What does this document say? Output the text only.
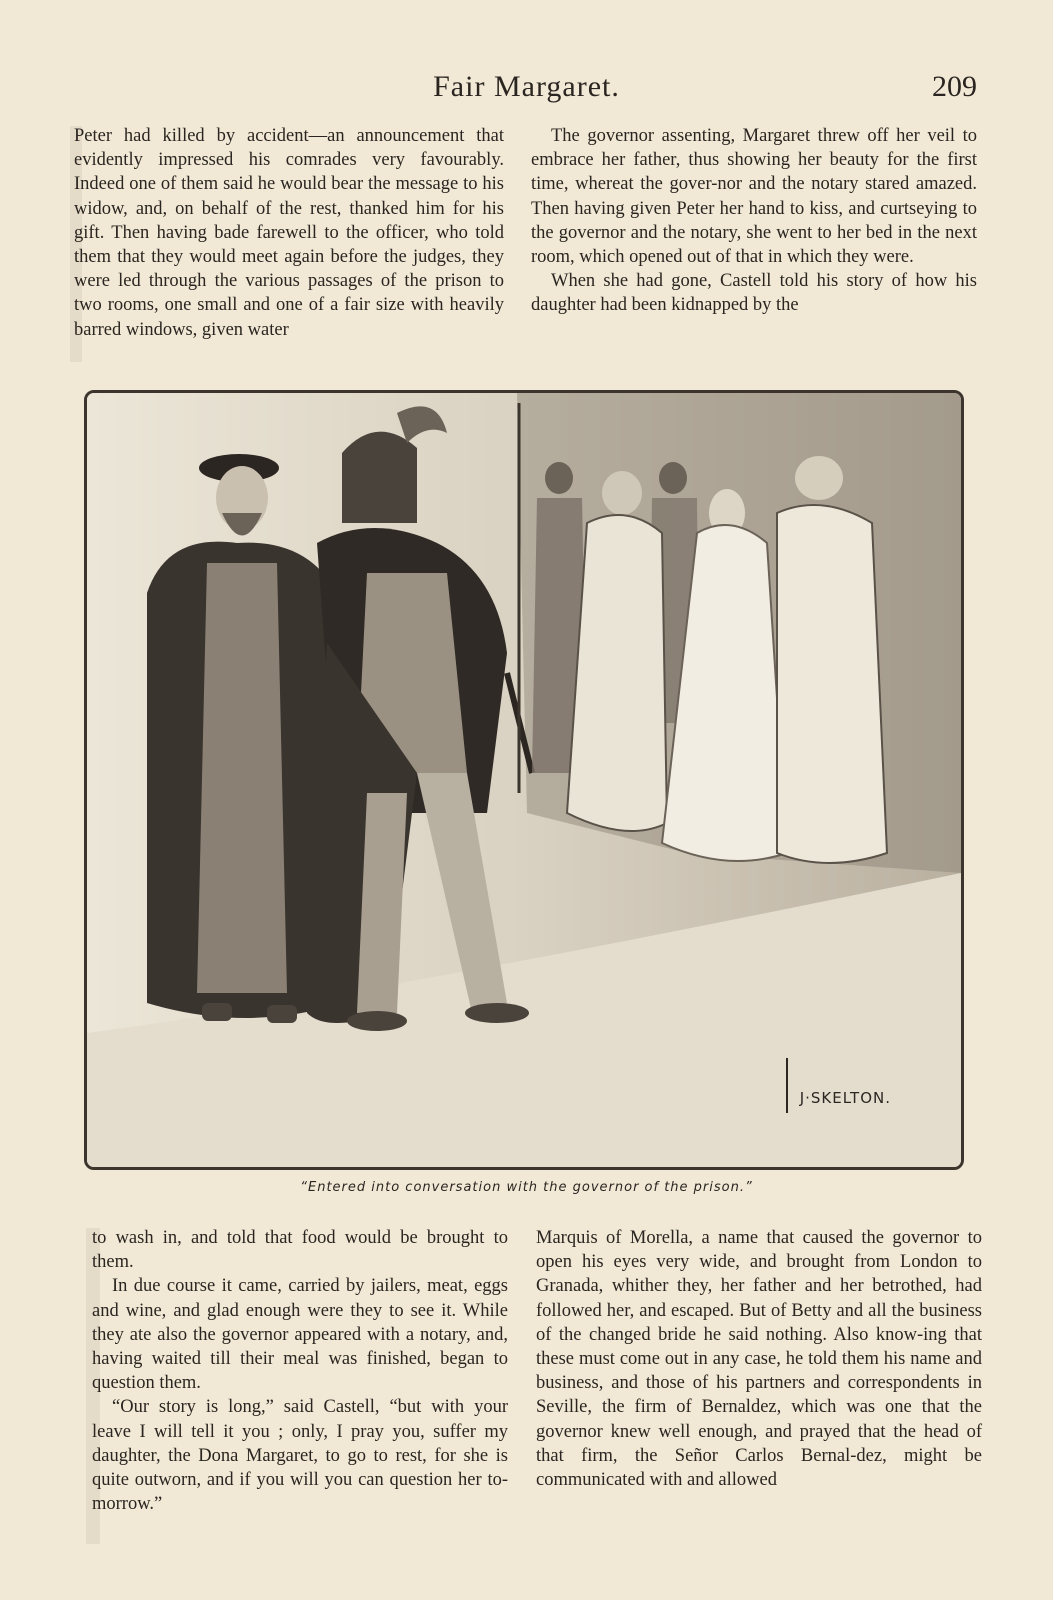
Fair Margaret.	209

Peter had killed by accident—an announcement that evidently impressed his comrades very favourably. Indeed one of them said he would bear the message to his widow, and, on behalf of the rest, thanked him for his gift. Then having bade farewell to the officer, who told them that they would meet again before the judges, they were led through the various passages of the prison to two rooms, one small and one of a fair size with heavily barred windows, given water

The governor assenting, Margaret threw off her veil to embrace her father, thus showing her beauty for the first time, whereat the gover-nor and the notary stared amazed. Then having given Peter her hand to kiss, and curtseying to the governor and the notary, she went to her bed in the next room, which opened out of that in which they were.

When she had gone, Castell told his story of how his daughter had been kidnapped by the

J·SKELTON.
“Entered into conversation with the governor of the prison.”

to wash in, and told that food would be brought to them.

In due course it came, carried by jailers, meat, eggs and wine, and glad enough were they to see it. While they ate also the governor appeared with a notary, and, having waited till their meal was finished, began to question them.

“Our story is long,” said Castell, “but with your leave I will tell it you ; only, I pray you, suffer my daughter, the Dona Margaret, to go to rest, for she is quite outworn, and if you will you can question her to-morrow.”

Marquis of Morella, a name that caused the governor to open his eyes very wide, and brought from London to Granada, whither they, her father and her betrothed, had followed her, and escaped. But of Betty and all the business of the changed bride he said nothing. Also know-ing that these must come out in any case, he told them his name and business, and those of his partners and correspondents in Seville, the firm of Bernaldez, which was one that the governor knew well enough, and prayed that the head of that firm, the Señor Carlos Bernal-dez, might be communicated with and allowed
